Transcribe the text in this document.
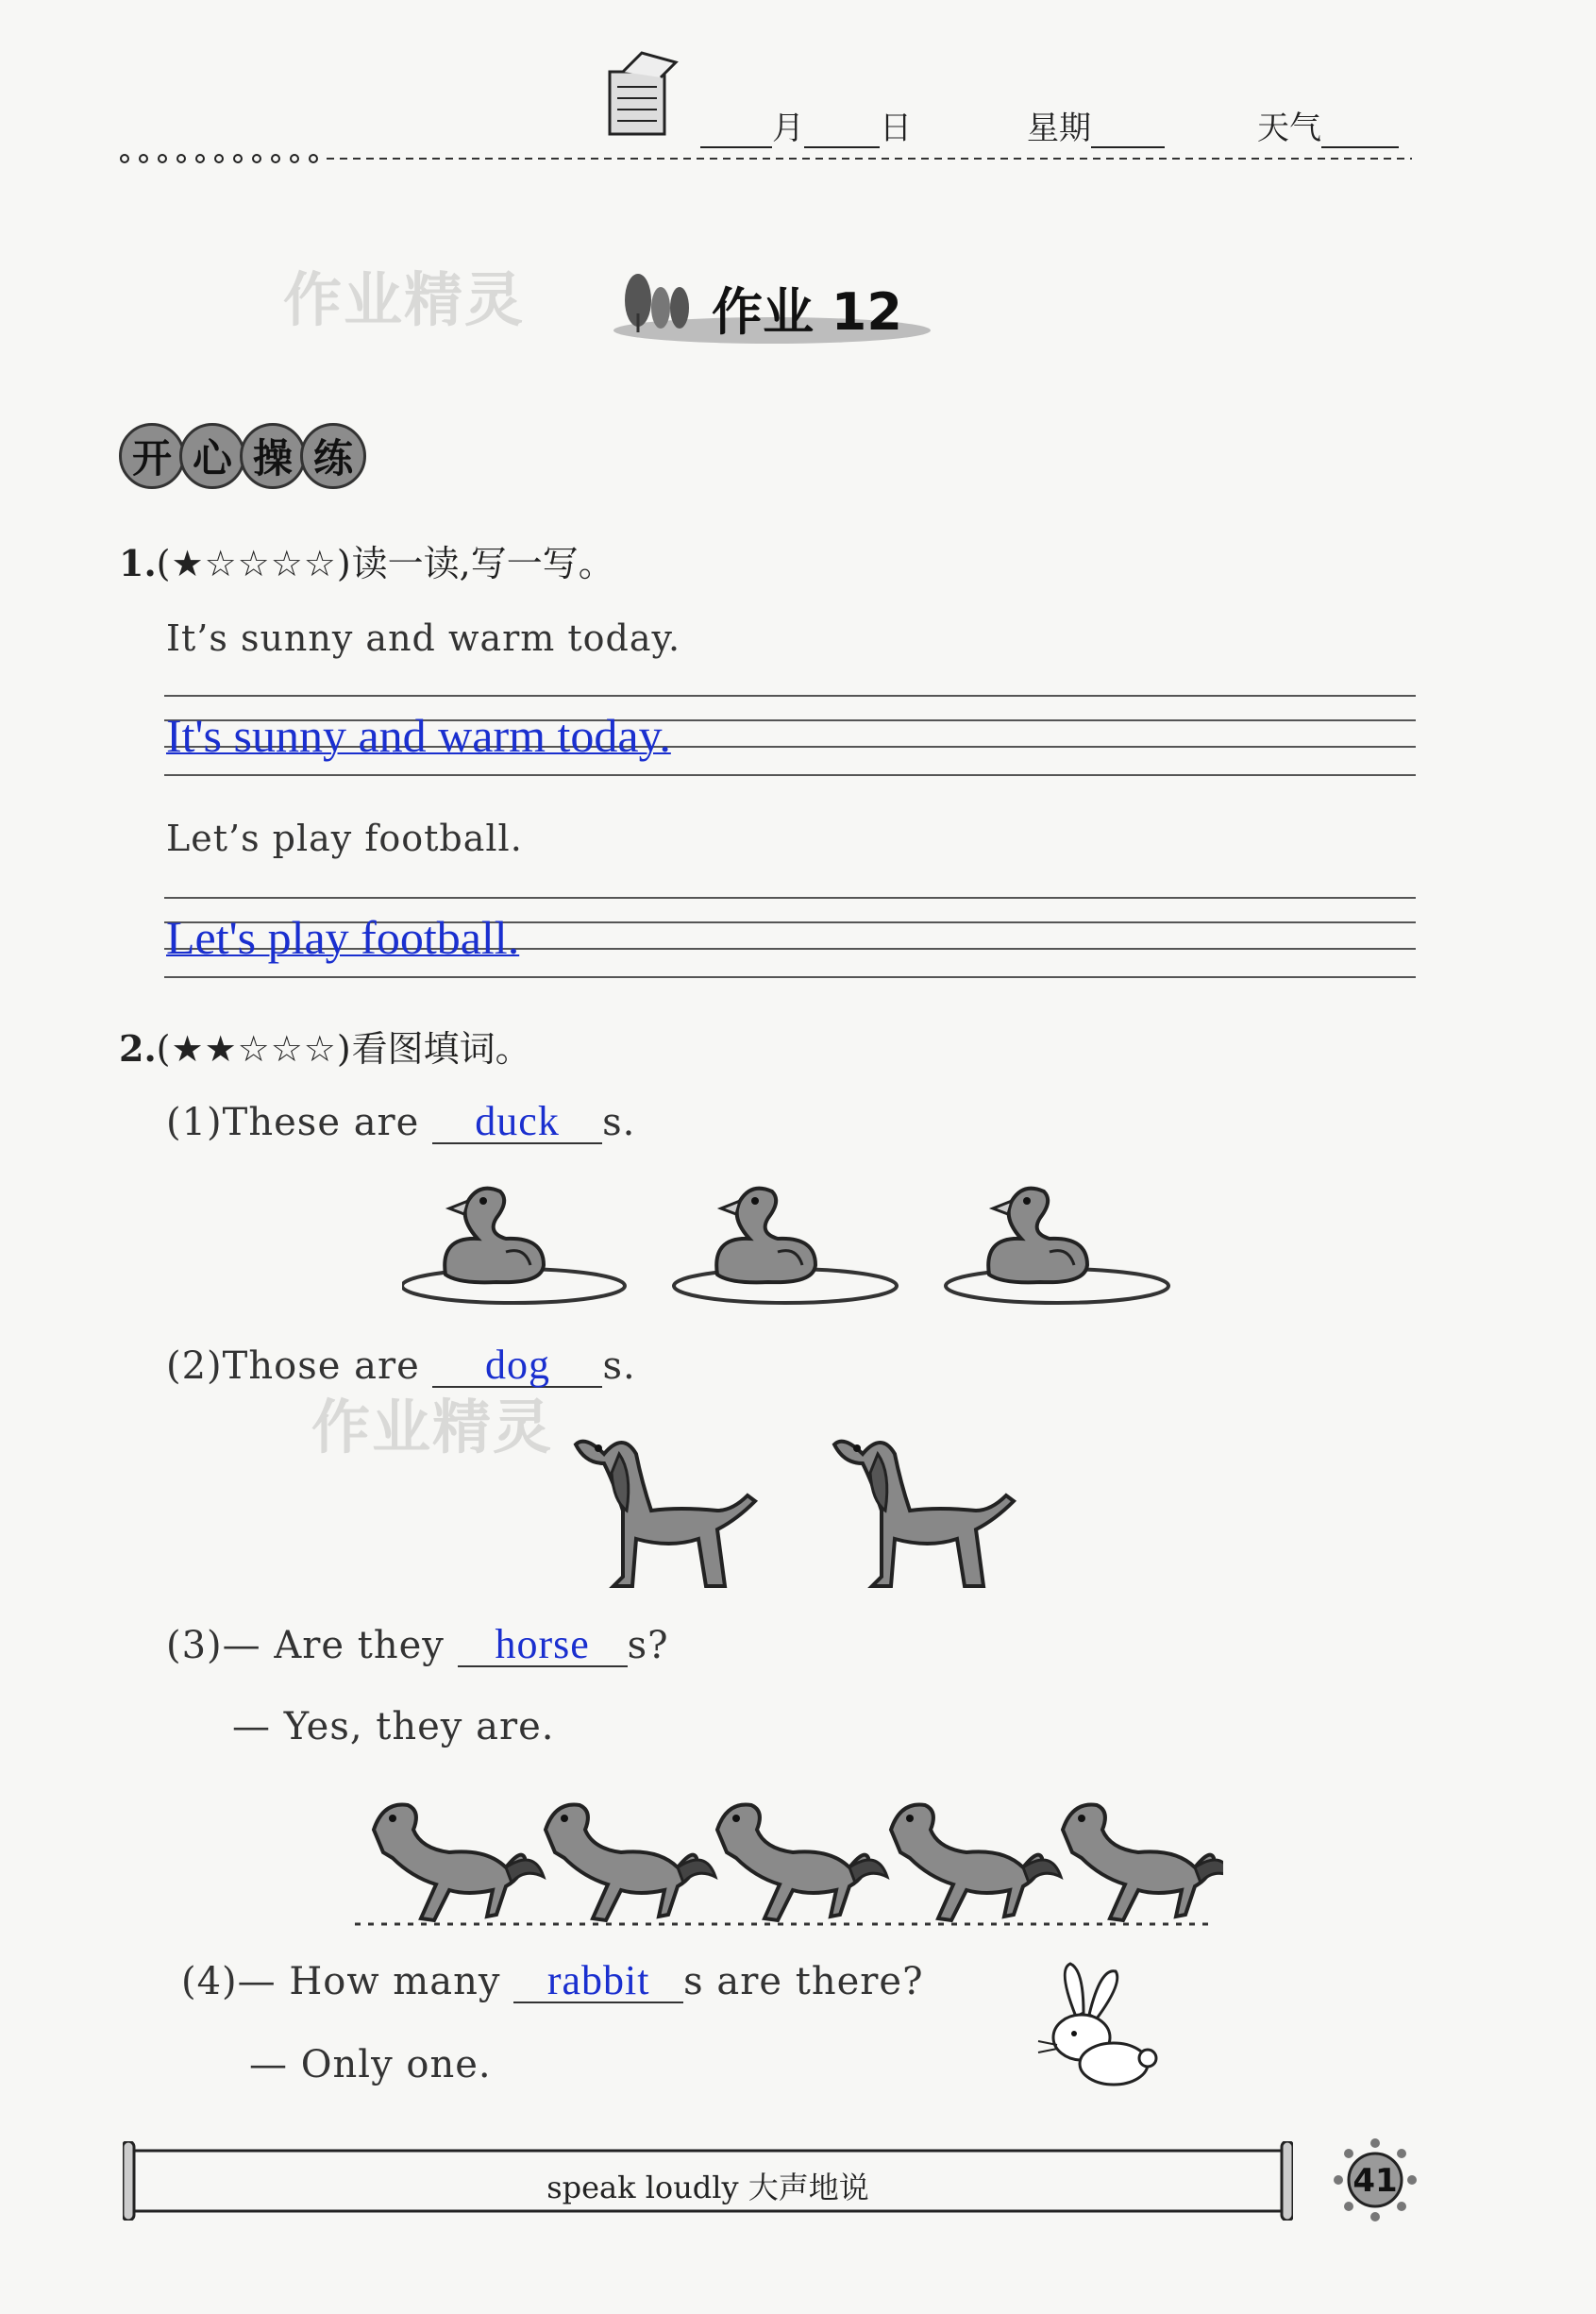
月 日	星期	天气
作业精灵
作业精灵
作业 12
开 心 操 练
1.(★☆☆☆☆)读一读,写一写。
It’s sunny and warm today.
It's sunny and warm today.
Let’s play football.
Let's play football.
2.(★★☆☆☆)看图填词。
(1)These are duck s.
(2)Those are dog s.
(3)— Are they horse s?
— Yes, they are.
(4)— How many rabbit s are there?
— Only one.
speak loudly 大声地说	41
